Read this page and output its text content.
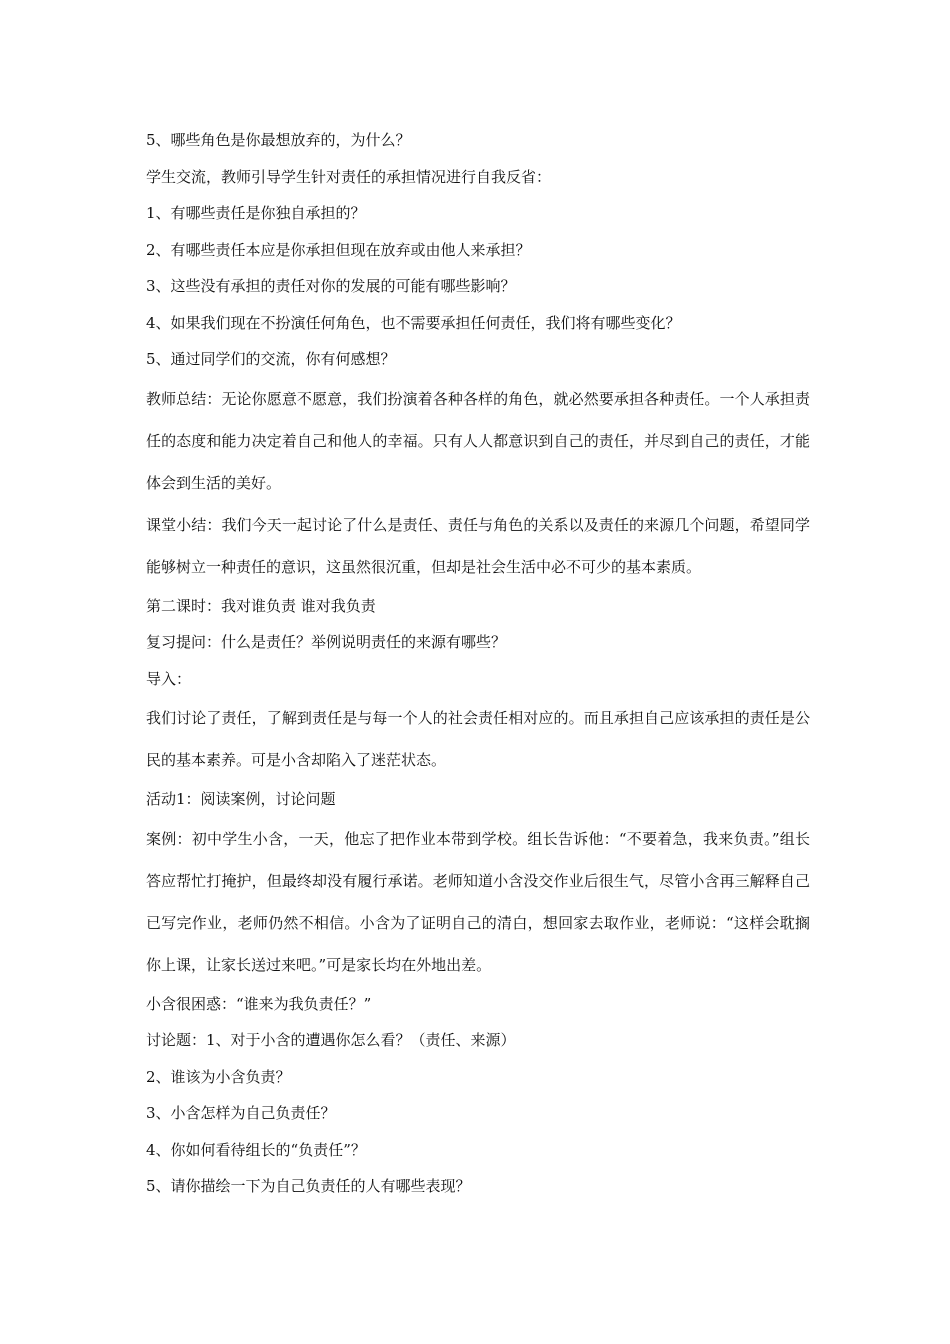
5、哪些角色是你最想放弃的，为什么？

学生交流，教师引导学生针对责任的承担情况进行自我反省：

1、有哪些责任是你独自承担的？

2、有哪些责任本应是你承担但现在放弃或由他人来承担？

3、这些没有承担的责任对你的发展的可能有哪些影响？

4、如果我们现在不扮演任何角色，也不需要承担任何责任，我们将有哪些变化？

5、通过同学们的交流，你有何感想？

教师总结：无论你愿意不愿意，我们扮演着各种各样的角色，就必然要承担各种责任。一个人承担责任的态度和能力决定着自己和他人的幸福。只有人人都意识到自己的责任，并尽到自己的责任，才能体会到生活的美好。

课堂小结：我们今天一起讨论了什么是责任、责任与角色的关系以及责任的来源几个问题，希望同学能够树立一种责任的意识，这虽然很沉重，但却是社会生活中必不可少的基本素质。

第二课时：我对谁负责 谁对我负责

复习提问：什么是责任？举例说明责任的来源有哪些？

导入：

我们讨论了责任，了解到责任是与每一个人的社会责任相对应的。而且承担自己应该承担的责任是公民的基本素养。可是小含却陷入了迷茫状态。

活动1：阅读案例，讨论问题

案例：初中学生小含，一天，他忘了把作业本带到学校。组长告诉他：“不要着急，我来负责。”组长答应帮忙打掩护，但最终却没有履行承诺。老师知道小含没交作业后很生气，尽管小含再三解释自己已写完作业，老师仍然不相信。小含为了证明自己的清白，想回家去取作业，老师说：“这样会耽搁你上课，让家长送过来吧。”可是家长均在外地出差。

小含很困惑：“谁来为我负责任？”

讨论题：1、对于小含的遭遇你怎么看？（责任、来源）

2、谁该为小含负责？

3、小含怎样为自己负责任？

4、你如何看待组长的“负责任”？

5、请你描绘一下为自己负责任的人有哪些表现？
